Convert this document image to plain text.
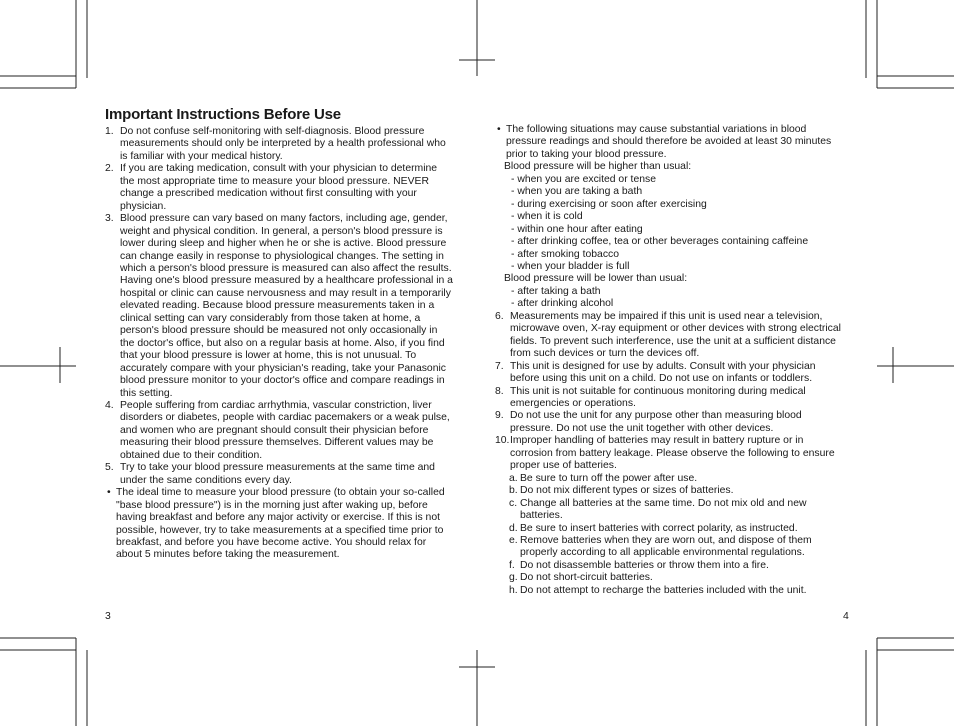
Important Instructions Before Use
1. Do not confuse self-monitoring with self-diagnosis. Blood pressure
measurements should only be interpreted by a health professional who
is familiar with your medical history.
2. If you are taking medication, consult with your physician to determine
the most appropriate time to measure your blood pressure. NEVER
change a prescribed medication without first consulting with your
physician.
3. Blood pressure can vary based on many factors, including age, gender,
weight and physical condition. In general, a person's blood pressure is
lower during sleep and higher when he or she is active. Blood pressure
can change easily in response to physiological changes. The setting in
which a person's blood pressure is measured can also affect the results.
Having one's blood pressure measured by a healthcare professional in a
hospital or clinic can cause nervousness and may result in a temporarily
elevated reading. Because blood pressure measurements taken in a
clinical setting can vary considerably from those taken at home, a
person's blood pressure should be measured not only occasionally in
the doctor's office, but also on a regular basis at home. Also, if you find
that your blood pressure is lower at home, this is not unusual. To
accurately compare with your physician's reading, take your Panasonic
blood pressure monitor to your doctor's office and compare readings in
this setting.
4. People suffering from cardiac arrhythmia, vascular constriction, liver
disorders or diabetes, people with cardiac pacemakers or a weak pulse,
and women who are pregnant should consult their physician before
measuring their blood pressure themselves. Different values may be
obtained due to their condition.
5. Try to take your blood pressure measurements at the same time and
under the same conditions every day.
• The ideal time to measure your blood pressure (to obtain your so-called
"base blood pressure") is in the morning just after waking up, before
having breakfast and before any major activity or exercise. If this is not
possible, however, try to take measurements at a specified time prior to
breakfast, and before you have become active. You should relax for
about 5 minutes before taking the measurement.
• The following situations may cause substantial variations in blood
pressure readings and should therefore be avoided at least 30 minutes
prior to taking your blood pressure.
Blood pressure will be higher than usual:
- when you are excited or tense
- when you are taking a bath
- during exercising or soon after exercising
- when it is cold
- within one hour after eating
- after drinking coffee, tea or other beverages containing caffeine
- after smoking tobacco
- when your bladder is full
Blood pressure will be lower than usual:
- after taking a bath
- after drinking alcohol
6. Measurements may be impaired if this unit is used near a television,
microwave oven, X-ray equipment or other devices with strong electrical
fields. To prevent such interference, use the unit at a sufficient distance
from such devices or turn the devices off.
7. This unit is designed for use by adults. Consult with your physician
before using this unit on a child. Do not use on infants or toddlers.
8. This unit is not suitable for continuous monitoring during medical
emergencies or operations.
9. Do not use the unit for any purpose other than measuring blood
pressure. Do not use the unit together with other devices.
10. Improper handling of batteries may result in battery rupture or in
corrosion from battery leakage. Please observe the following to ensure
proper use of batteries.
a. Be sure to turn off the power after use.
b. Do not mix different types or sizes of batteries.
c. Change all batteries at the same time. Do not mix old and new
batteries.
d. Be sure to insert batteries with correct polarity, as instructed.
e. Remove batteries when they are worn out, and dispose of them
properly according to all applicable environmental regulations.
f. Do not disassemble batteries or throw them into a fire.
g. Do not short-circuit batteries.
h. Do not attempt to recharge the batteries included with the unit.
3	4
